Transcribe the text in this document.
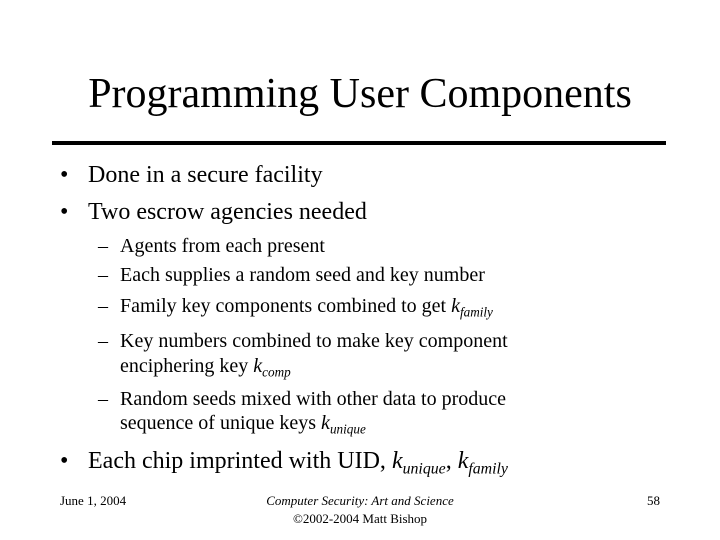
Programming User Components
• Done in a secure facility
• Two escrow agencies needed
– Agents from each present
– Each supplies a random seed and key number
– Family key components combined to get $k_{family}$
– Key numbers combined to make key component
enciphering key $k_{comp}$
– Random seeds mixed with other data to produce
sequence of unique keys $k_{unique}$
• Each chip imprinted with UID, $k_{unique}$, $k_{family}$
June 1, 2004	Computer Security: Art and Science
©2002-2004 Matt Bishop
58
